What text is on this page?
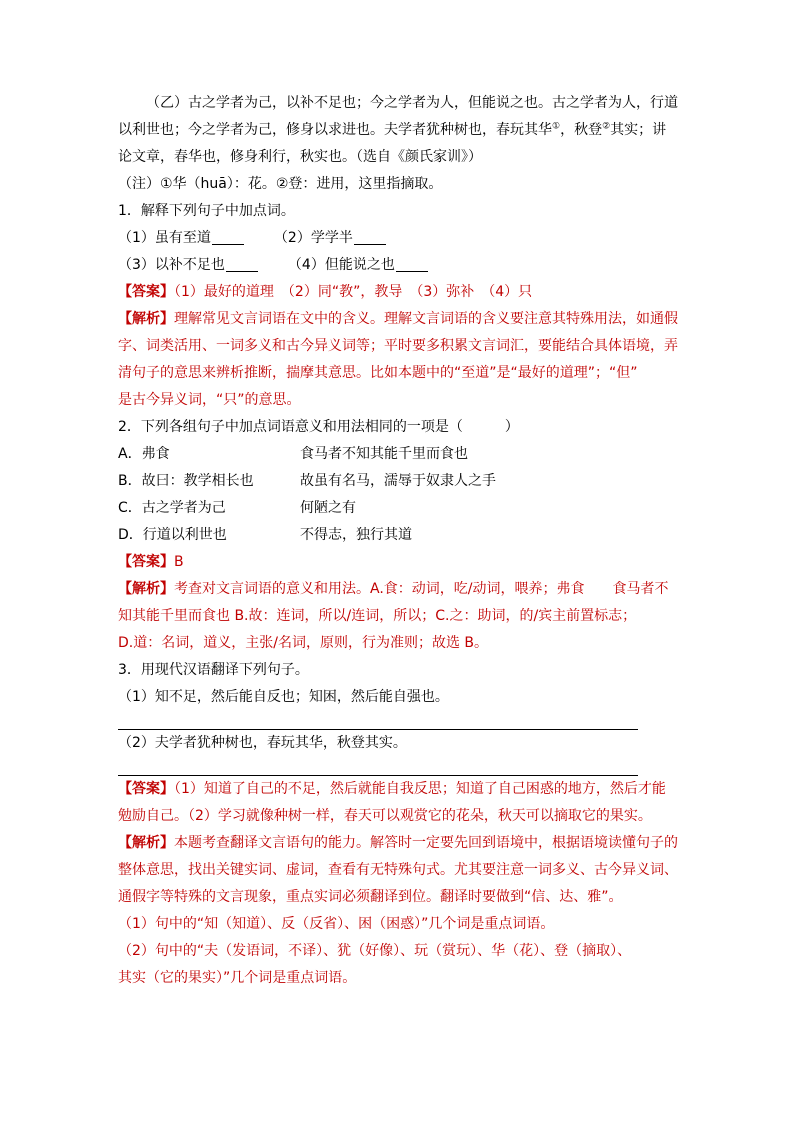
（乙）古之学者为己，以补不足也；今之学者为人，但能说之也。古之学者为人，行道

以利世也；今之学者为己，修身以求进也。夫学者犹种树也，春玩其华①，秋登②其实；讲

论文章，春华也，修身利行，秋实也。（选自《颜氏家训》）

（注）①华（huā）：花。②登：进用，这里指摘取。

1．解释下列句子中加点词。

（1）虽有至道	（2）学学半

（3）以补不足也	（4）但能说之也

【答案】（1）最好的道理　（2）同“教”，教导　（3）弥补　（4）只

【解析】理解常见文言词语在文中的含义。理解文言词语的含义要注意其特殊用法，如通假

字、词类活用、一词多义和古今异义词等；平时要多积累文言词汇，要能结合具体语境，弄

清句子的意思来辨析推断，揣摩其意思。比如本题中的“至道”是“最好的道理”；“但”

是古今异义词，“只”的意思。

2．下列各组句子中加点词语意义和用法相同的一项是（　　　）

A．弗食	食马者不知其能千里而食也
B．故曰：教学相长也	故虽有名马，濡辱于奴隶人之手
C．古之学者为己	何陋之有
D．行道以利世也	不得志，独行其道

【答案】B

【解析】考查对文言词语的意义和用法。A.食：动词，吃/动词，喂养；弗食　　食马者不

知其能千里而食也 B.故：连词，所以/连词，所以；C.之：助词，的/宾主前置标志；

D.道：名词，道义，主张/名词，原则，行为准则；故选 B。

3．用现代汉语翻译下列句子。

（1）知不足，然后能自反也；知困，然后能自强也。

（2）夫学者犹种树也，春玩其华，秋登其实。

【答案】（1）知道了自己的不足，然后就能自我反思；知道了自己困惑的地方，然后才能

勉励自己。（2）学习就像种树一样，春天可以观赏它的花朵，秋天可以摘取它的果实。

【解析】本题考查翻译文言语句的能力。解答时一定要先回到语境中，根据语境读懂句子的

整体意思，找出关键实词、虚词，查看有无特殊句式。尤其要注意一词多义、古今异义词、

通假字等特殊的文言现象，重点实词必须翻译到位。翻译时要做到“信、达、雅”。

（1）句中的“知（知道）、反（反省）、困（困惑）”几个词是重点词语。

（2）句中的“夫（发语词，不译）、犹（好像）、玩（赏玩）、华（花）、登（摘取）、

其实（它的果实）”几个词是重点词语。
